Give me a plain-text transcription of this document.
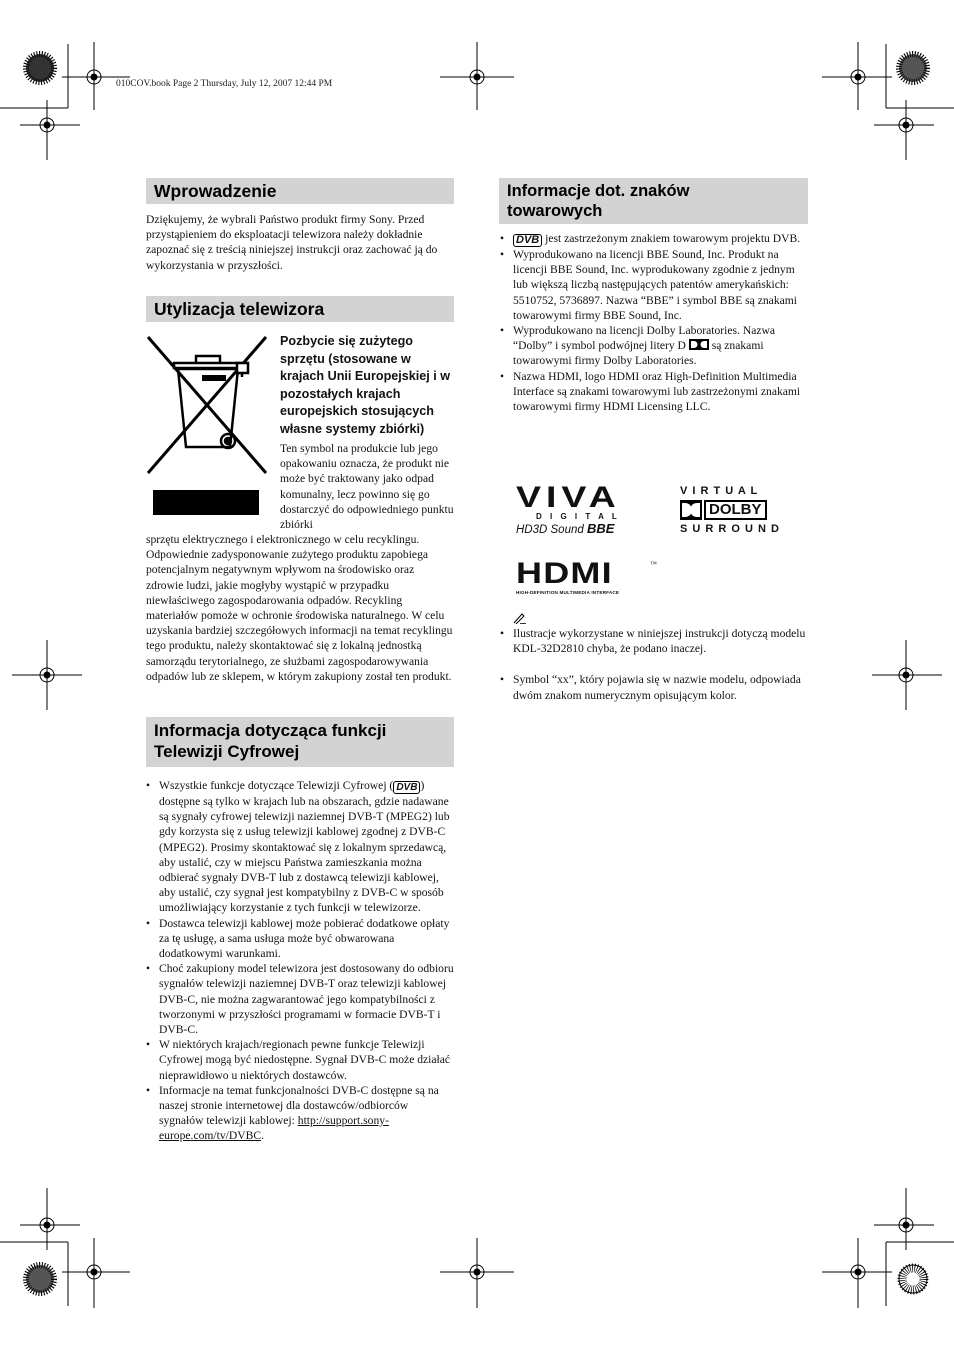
010COV.book Page 2 Thursday, July 12, 2007 12:44 PM
Wprowadzenie

Dziękujemy, że wybrali Państwo produkt firmy Sony. Przed przystąpieniem do eksploatacji telewizora należy dokładnie zapoznać się z treścią niniejszej instrukcji oraz zachować ją do wykorzystania w przyszłości.

Utylizacja telewizora
Pozbycie się zużytego sprzętu (stosowane w krajach Unii Europejskiej i w pozostałych krajach europejskich stosujących własne systemy zbiórki)

Ten symbol na produkcie lub jego opakowaniu oznacza, że produkt nie może być traktowany jako odpad komunalny, lecz powinno się go dostarczyć do odpowiedniego punktu zbiórki

sprzętu elektrycznego i elektronicznego w celu recyklingu. Odpowiednie zadysponowanie zużytego produktu zapobiega potencjalnym negatywnym wpływom na środowisko oraz zdrowie ludzi, jakie mogłyby wystąpić w przypadku niewłaściwego zagospodarowania odpadów. Recykling materiałów pomoże w ochronie środowiska naturalnego. W celu uzyskania bardziej szczegółowych informacji na temat recyklingu tego produktu, należy skontaktować się z lokalną jednostką samorządu terytorialnego, ze służbami zagospodarowywania odpadów lub ze sklepem, w którym zakupiony został ten produkt.

Informacja dotycząca funkcji
Telewizji Cyfrowej
• Wszystkie funkcje dotyczące Telewizji Cyfrowej ( DVB ) dostępne są tylko w krajach lub na obszarach, gdzie nadawane są sygnały cyfrowej telewizji naziemnej DVB-T (MPEG2) lub gdy korzysta się z usług telewizji kablowej zgodnej z DVB-C (MPEG2). Prosimy skontaktować się z lokalnym sprzedawcą, aby ustalić, czy w miejscu Państwa zamieszkania można odbierać sygnały DVB-T lub z dostawcą telewizji kablowej, aby ustalić, czy sygnał jest kompatybilny z DVB-C w sposób umożliwiający korzystanie z tych funkcji w telewizorze.
• Dostawca telewizji kablowej może pobierać dodatkowe opłaty za tę usługę, a sama usługa może być obwarowana dodatkowymi warunkami.
• Choć zakupiony model telewizora jest dostosowany do odbioru sygnałów telewizji naziemnej DVB-T oraz telewizji kablowej DVB-C, nie można zagwarantować jego kompatybilności z tworzonymi w przyszłości programami w formacie DVB-T i DVB-C.
• W niektórych krajach/regionach pewne funkcje Telewizji Cyfrowej mogą być niedostępne. Sygnał DVB-C może działać nieprawidłowo u niektórych dostawców.
• Informacje na temat funkcjonalności DVB-C dostępne są na naszej stronie internetowej dla dostawców/odbiorców sygnałów telewizji kablowej: http://support.sony-europe.com/tv/DVBC.
Informacje dot. znaków
towarowych
• DVB jest zastrzeżonym znakiem towarowym projektu DVB.
• Wyprodukowano na licencji BBE Sound, Inc. Produkt na licencji BBE Sound, Inc. wyprodukowany zgodnie z jednym lub większą liczbą następujących patentów amerykańskich: 5510752, 5736897. Nazwa “BBE” i symbol BBE są znakami towarowymi firmy BBE Sound, Inc.
• Wyprodukowano na licencji Dolby Laboratories. Nazwa “Dolby” i symbol podwójnej litery D są znakami towarowymi firmy Dolby Laboratories.
• Nazwa HDMI, logo HDMI oraz High-Definition Multimedia Interface są znakami towarowymi lub zastrzeżonymi znakami towarowymi firmy HDMI Licensing LLC.
VIVA
D I G I T A L
HD3D Sound BBE
V I R T U A L
DOLBY
S U R R O U N D
HDMI	™
HIGH-DEFINITION MULTIMEDIA INTERFACE
• Ilustracje wykorzystane w niniejszej instrukcji dotyczą modelu KDL-32D2810 chyba, że podano inaczej.
• Symbol “xx”, który pojawia się w nazwie modelu, odpowiada dwóm znakom numerycznym opisującym kolor.
